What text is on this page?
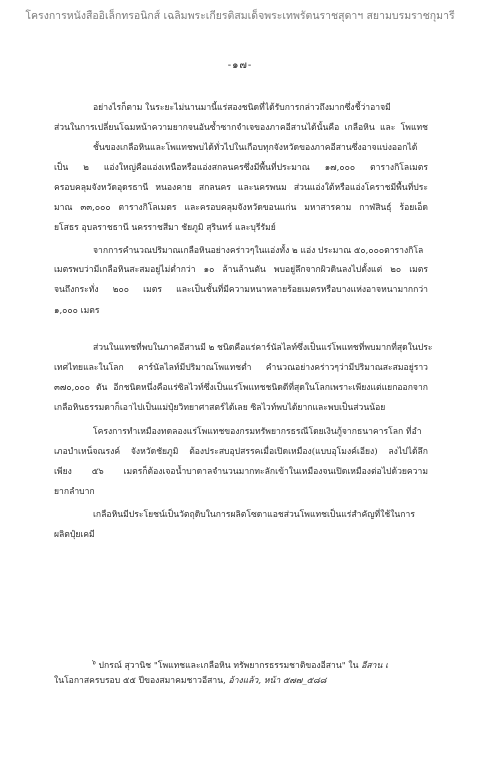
โครงการหนังสืออิเล็กทรอนิกส์ เฉลิมพระเกียรติสมเด็จพระเทพรัตนราชสุดาฯ สยามบรมราชกุมารี
-๑๗-
อย่างไรก็ตาม ในระยะไม่นานมานี้แร่สองชนิดที่ได้รับการกล่าวถึงมากซึ่งชี้ว่าอาจมี
ส่วนในการเปลี่ยนโฉมหน้าความยากจนอันซ้ำซากจำเจของภาคอีสานได้นั้นคือ เกลือหิน และ โพแทช
ชั้นของเกลือหินและโพแทชพบได้ทั่วไปในเกือบทุกจังหวัดของภาคอีสานซึ่งอาจแบ่งออกได้
เป็น ๒ แอ่งใหญ่คือแอ่งเหนือหรือแอ่งสกลนครซึ่งมีพื้นที่ประมาณ ๑๗,๐๐๐ ตารางกิโลเมตร
ครอบคลุมจังหวัดอุดรธานี หนองคาย สกลนคร และนครพนม ส่วนแอ่งใต้หรือแอ่งโคราชมีพื้นที่ประ
มาณ ๓๓,๐๐๐ ตารางกิโลเมตร และครอบคลุมจังหวัดขอนแก่น มหาสารคาม กาฬสินธุ์ ร้อยเอ็ด
ยโสธร อุบลราชธานี นครราชสีมา ชัยภูมิ สุรินทร์ และบุรีรัมย์
จากการคำนวณปริมาณเกลือหินอย่างคร่าวๆในแอ่งทั้ง ๒ แอ่ง ประมาณ ๕๐,๐๐๐ตารางกิโล
เมตรพบว่ามีเกลือหินสะสมอยู่ไม่ต่ำกว่า ๑๐ ล้านล้านตัน พบอยู่ลึกจากผิวดินลงไปตั้งแต่ ๒๐ เมตร
จนถึงกระทั่ง ๒๐๐ เมตร และเป็นชั้นที่มีความหนาหลายร้อยเมตรหรือบางแห่งอาจหนามากกว่า
๑,๐๐๐ เมตร
ส่วนในแทชที่พบในภาคอีสานมี ๒ ชนิดคือแร่คาร์นัลไลท์ซึ่งเป็นแร่โพแทชที่พบมากที่สุดในประ
เทศไทยและในโลก คาร์นัลไลท์มีปริมาณโพแทชต่ำ คำนวณอย่างคร่าวๆว่ามีปริมาณสะสมอยู่ราว
๓๗๐,๐๐๐ ตัน อีกชนิดหนึ่งคือแร่ซิลไวท์ซึ่งเป็นแร่โพแทชชนิดดีที่สุดในโลกเพราะเพียงแต่แยกออกจาก
เกลือหินธรรมดาก็เอาไปเป็นแม่ปุ๋ยวิทยาศาสตร์ได้เลย ซิลไวท์พบได้ยากและพบเป็นส่วนน้อย
โครงการทำเหมืองทดลองแร่โพแทชของกรมทรัพยากรธรณีโดยเงินกู้จากธนาคารโลก ที่อำ
เภอบำเหน็จณรงค์ จังหวัดชัยภูมิ ต้องประสบอุปสรรคเมื่อเปิดเหมือง(แบบอุโมงค์เอียง) ลงไปได้ลึก
เพียง ๕๖ เมตรก็ต้องเจอน้ำบาดาลจำนวนมากทะลักเข้าในเหมืองจนเปิดเหมืองต่อไปด้วยความ
ยากลำบาก
เกลือหินมีประโยชน์เป็นวัตถุดิบในการผลิตโซดาแอชส่วนโพแทชเป็นแร่สำคัญที่ใช้ในการ
ผลิตปุ๋ยเคมี
$^๖$ ปกรณ์ สุวานิช "โพแทชและเกลือหิน ทรัพยากรธรรมชาติของอีสาน" ใน อีสาน เ
ในโอกาสครบรอบ ๕๕ ปีของสมาคมชาวอีสาน, อ้างแล้ว, หน้า ๕๗๗_๕๘๘
